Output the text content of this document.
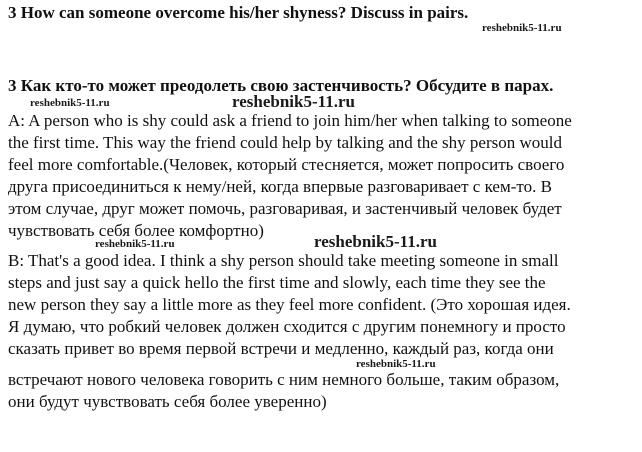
3 How can someone overcome his/her shyness? Discuss in pairs.
reshebnik5-11.ru
3 Как кто-то может преодолеть свою застенчивость? Обсудите в парах.
reshebnik5-11.ru	reshebnik5-11.ru
A: A person who is shy could ask a friend to join him/her when talking to someone
the first time. This way the friend could help by talking and the shy person would
feel more comfortable.(Человек, который стесняется, может попросить своего
друга присоединиться к нему/ней, когда впервые разговаривает с кем-то. В
этом случае, друг может помочь, разговаривая, и застенчивый человек будет
чувствовать себя более комфортно)
reshebnik5-11.ru	reshebnik5-11.ru
B: That's a good idea. I think a shy person should take meeting someone in small
steps and just say a quick hello the first time and slowly, each time they see the
new person they say a little more as they feel more confident. (Это хорошая идея.
Я думаю, что робкий человек должен сходится с другим понемногу и просто
сказать привет во время первой встречи и медленно, каждый раз, когда они
reshebnik5-11.ru
встречают нового человека говорить с ним немного больше, таким образом,
они будут чувствовать себя более уверенно)
